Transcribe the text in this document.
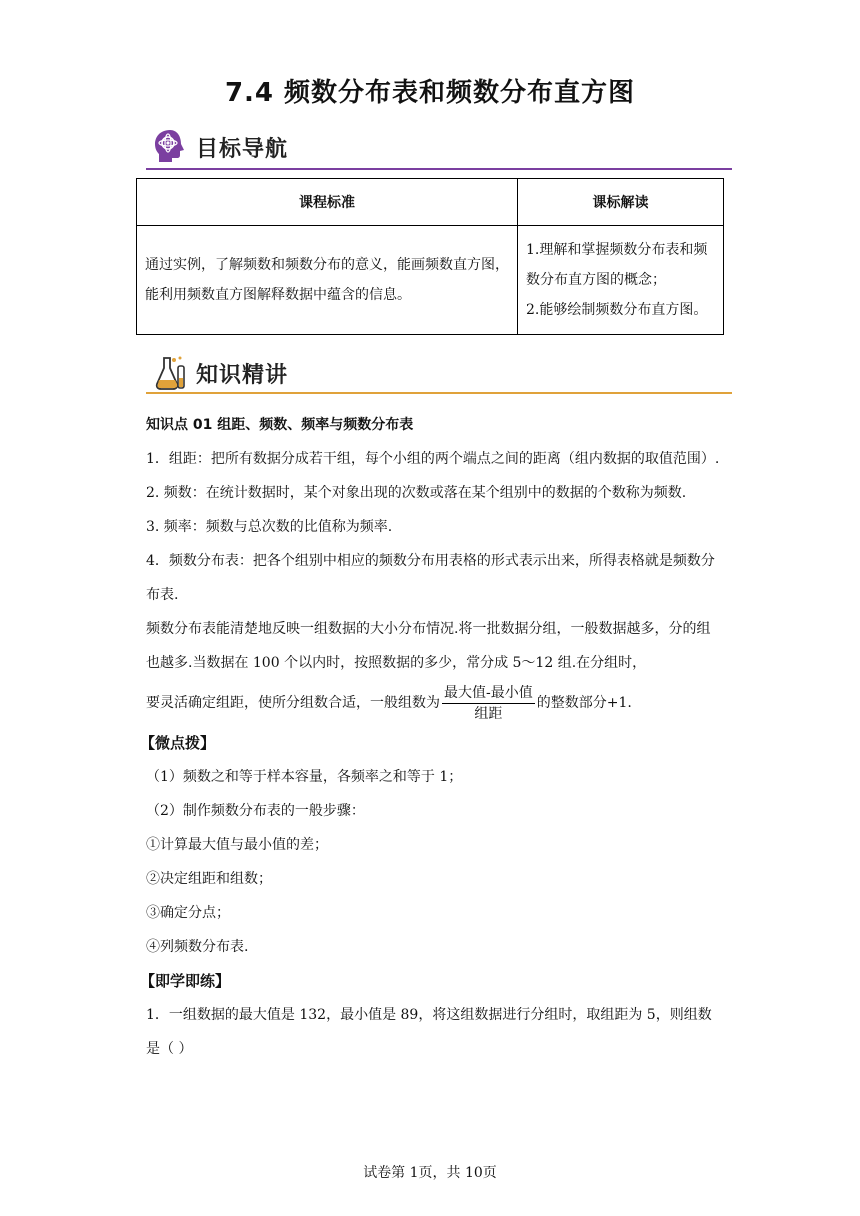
7.4 频数分布表和频数分布直方图
目标导航
课程标准	课标解读
通过实例，了解频数和频数分布的意义，能画频数直方图，能利用频数直方图解释数据中蕴含的信息。	1.理解和掌握频数分布表和频数分布直方图的概念；
2.能够绘制频数分布直方图。
知识精讲

知识点 01 组距、频数、频率与频数分布表

1．组距：把所有数据分成若干组，每个小组的两个端点之间的距离（组内数据的取值范围）.

2. 频数：在统计数据时，某个对象出现的次数或落在某个组别中的数据的个数称为频数.

3. 频率：频数与总次数的比值称为频率.

4．频数分布表：把各个组别中相应的频数分布用表格的形式表示出来，所得表格就是频数分布表.

频数分布表能清楚地反映一组数据的大小分布情况.将一批数据分组，一般数据越多，分的组也越多.当数据在 100 个以内时，按照数据的多少，常分成 5～12 组.在分组时，

要灵活确定组距，使所分组数合适，一般组数为 $\frac{\text{最大值-最小值}}{\text{组距}}$ 的整数部分+1.

【微点拨】

（1）频数之和等于样本容量，各频率之和等于 1；

（2）制作频数分布表的一般步骤：

①计算最大值与最小值的差；

②决定组距和组数；

③确定分点；

④列频数分布表.

【即学即练】

1．一组数据的最大值是 132，最小值是 89，将这组数据进行分组时，取组距为 5，则组数是（ ）

试卷第 1页，共 10页
